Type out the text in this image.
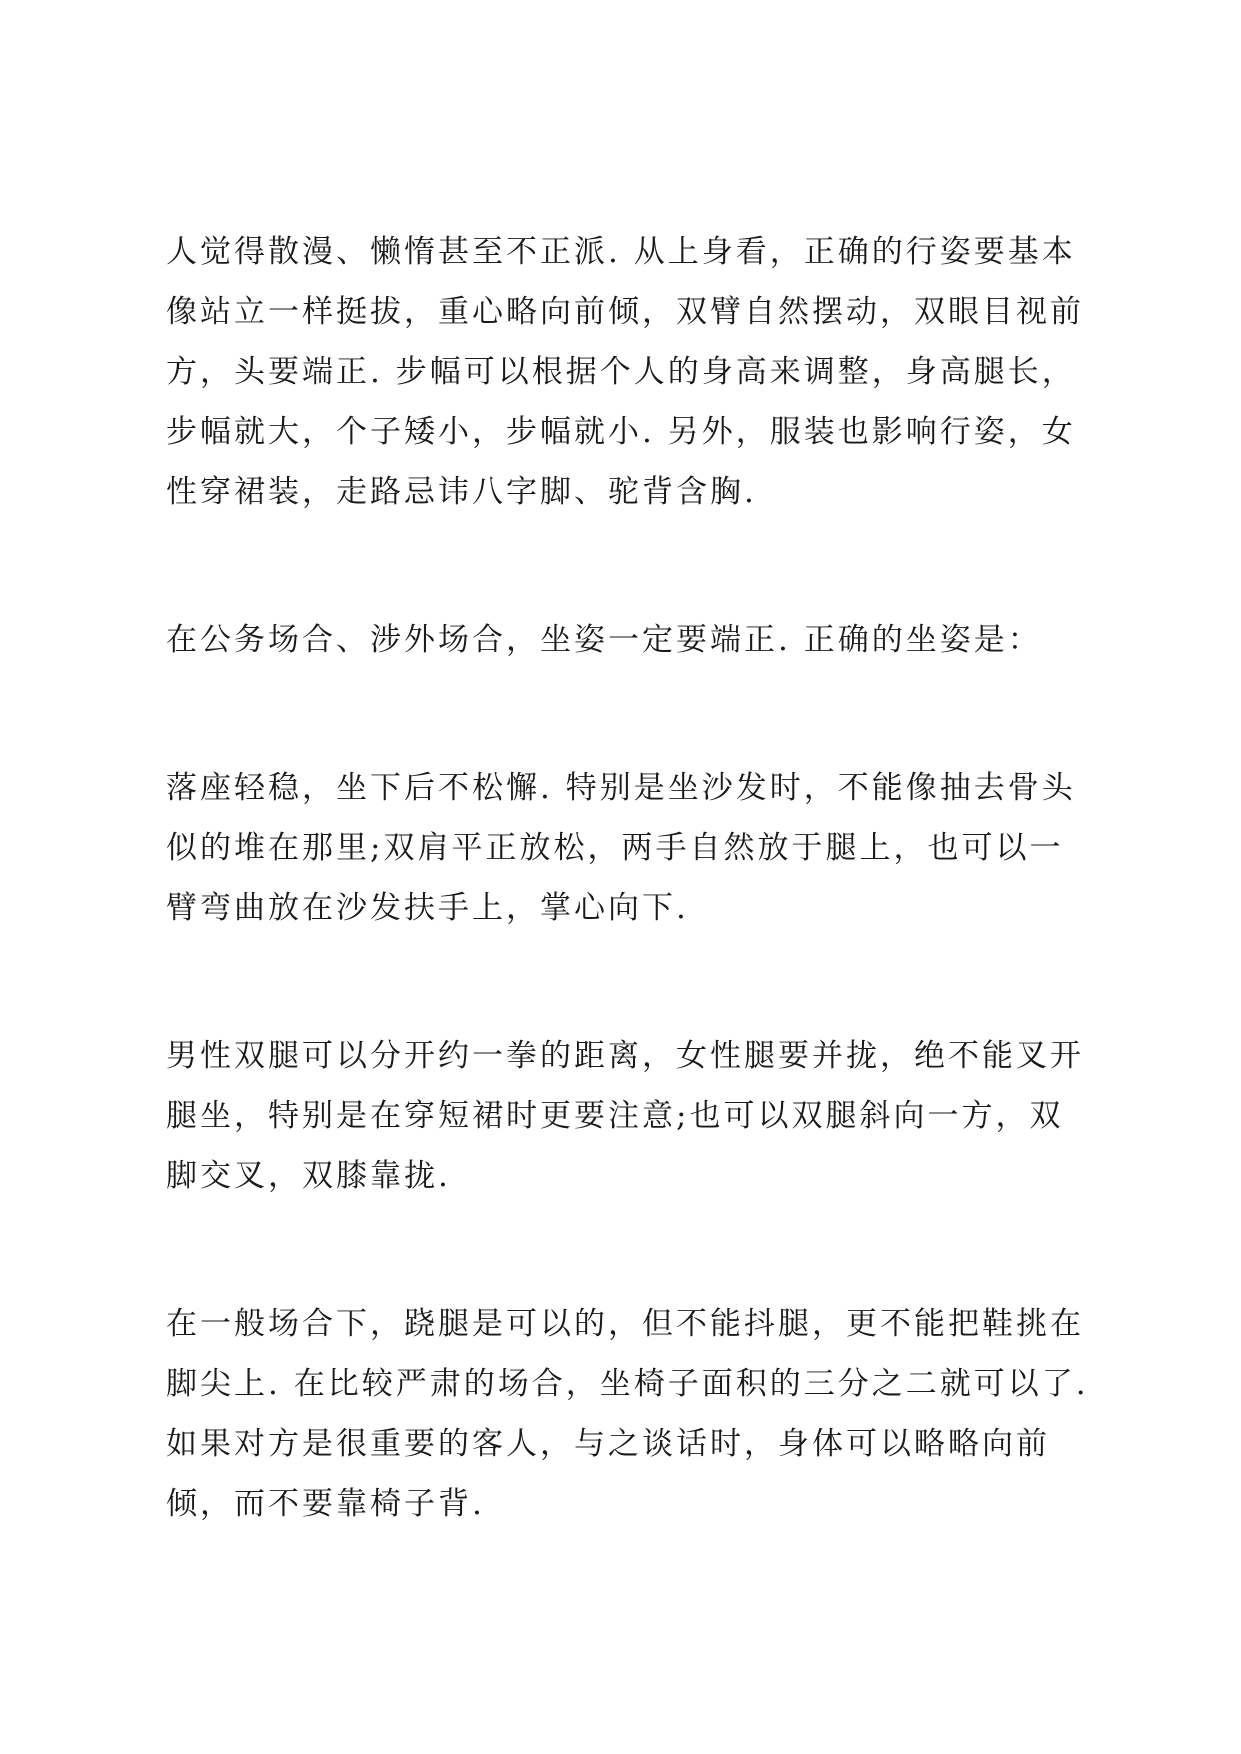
人觉得散漫、懒惰甚至不正派. 从上身看，正确的行姿要基本像站立一样挺拔，重心略向前倾，双臂自然摆动，双眼目视前方，头要端正. 步幅可以根据个人的身高来调整，身高腿长，步幅就大，个子矮小，步幅就小. 另外，服装也影响行姿，女性穿裙装，走路忌讳八字脚、驼背含胸.

在公务场合、涉外场合，坐姿一定要端正. 正确的坐姿是：

落座轻稳，坐下后不松懈. 特别是坐沙发时，不能像抽去骨头似的堆在那里;双肩平正放松，两手自然放于腿上，也可以一臂弯曲放在沙发扶手上，掌心向下.

男性双腿可以分开约一拳的距离，女性腿要并拢，绝不能叉开腿坐，特别是在穿短裙时更要注意;也可以双腿斜向一方，双脚交叉，双膝靠拢.

在一般场合下，跷腿是可以的，但不能抖腿，更不能把鞋挑在脚尖上. 在比较严肃的场合，坐椅子面积的三分之二就可以了. 如果对方是很重要的客人，与之谈话时，身体可以略略向前倾，而不要靠椅子背.
